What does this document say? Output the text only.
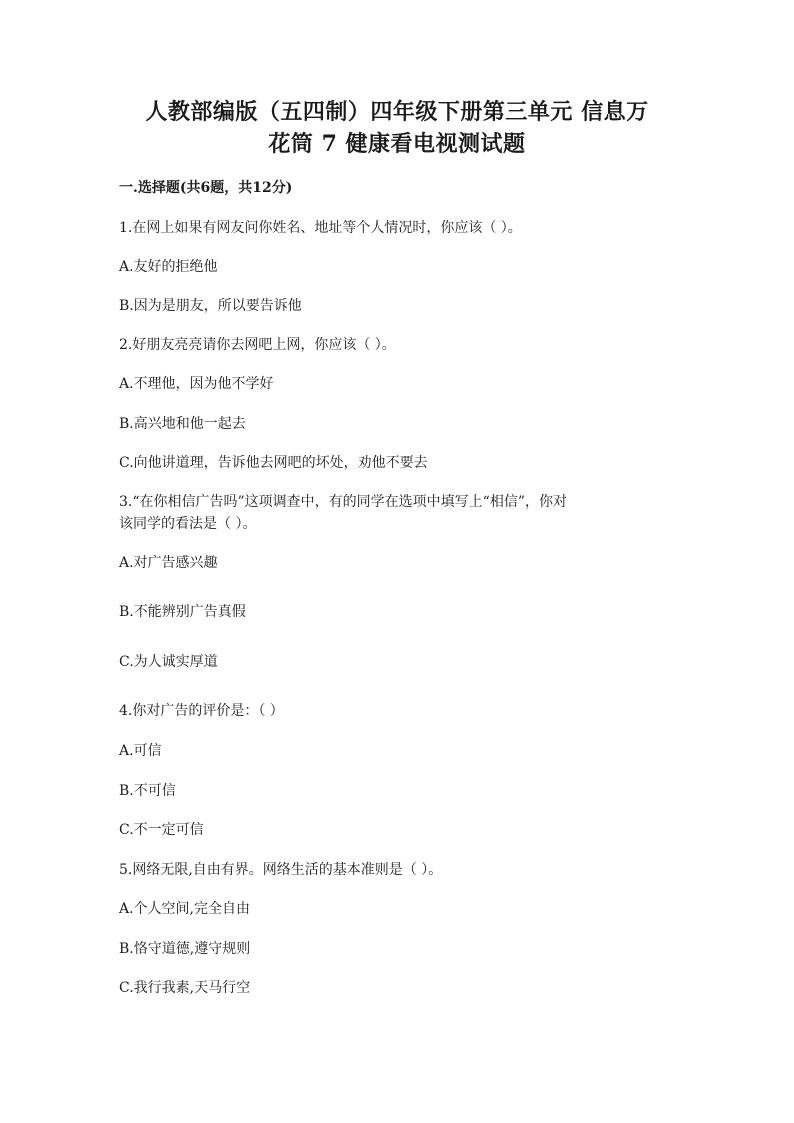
人教部编版（五四制）四年级下册第三单元 信息万
花筒 7 健康看电视测试题
一.选择题(共6题，共12分)
1.在网上如果有网友问你姓名、地址等个人情况时，你应该（ ）。
A.友好的拒绝他
B.因为是朋友，所以要告诉他
2.好朋友亮亮请你去网吧上网，你应该（ ）。
A.不理他，因为他不学好
B.高兴地和他一起去
C.向他讲道理，告诉他去网吧的坏处，劝他不要去
3.“在你相信广告吗”这项调查中，有的同学在选项中填写上“相信”，你对
该同学的看法是（ ）。
A.对广告感兴趣
B.不能辨别广告真假
C.为人诚实厚道
4.你对广告的评价是：（ ）
A.可信
B.不可信
C.不一定可信
5.网络无限,自由有界。网络生活的基本准则是（ ）。
A.个人空间,完全自由
B.恪守道德,遵守规则
C.我行我素,天马行空
